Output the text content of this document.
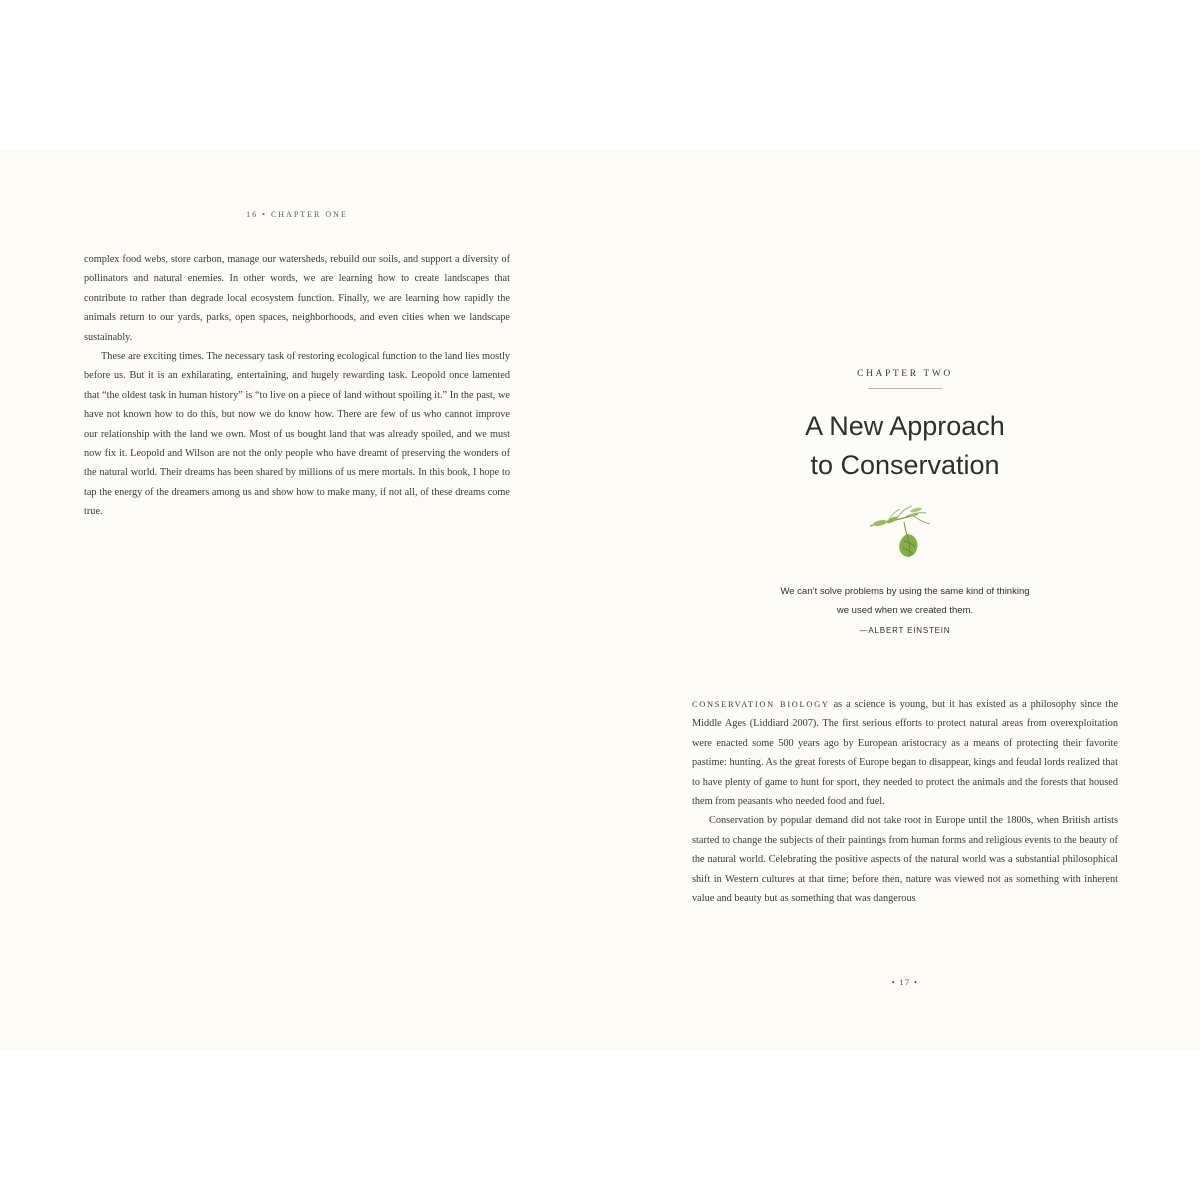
16 • CHAPTER ONE

complex food webs, store carbon, manage our watersheds, rebuild our soils, and support a diversity of pollinators and natural enemies. In other words, we are learning how to create landscapes that contribute to rather than degrade local ecosystem function. Finally, we are learning how rapidly the animals return to our yards, parks, open spaces, neighborhoods, and even cities when we landscape sustainably.

These are exciting times. The necessary task of restoring ecological function to the land lies mostly before us. But it is an exhilarating, entertaining, and hugely rewarding task. Leopold once lamented that “the oldest task in human history” is “to live on a piece of land without spoiling it.” In the past, we have not known how to do this, but now we do know how. There are few of us who cannot improve our relationship with the land we own. Most of us bought land that was already spoiled, and we must now fix it. Leopold and Wilson are not the only people who have dreamt of preserving the wonders of the natural world. Their dreams has been shared by millions of us mere mortals. In this book, I hope to tap the energy of the dreamers among us and show how to make many, if not all, of these dreams come true.

CHAPTER TWO
A New Approach
to Conservation
We can’t solve problems by using the same kind of thinking
we used when we created them.
—ALBERT EINSTEIN

CONSERVATION BIOLOGY as a science is young, but it has existed as a philosophy since the Middle Ages (Liddiard 2007). The first serious efforts to protect natural areas from overexploitation were enacted some 500 years ago by European aristocracy as a means of protecting their favorite pastime: hunting. As the great forests of Europe began to disappear, kings and feudal lords realized that to have plenty of game to hunt for sport, they needed to protect the animals and the forests that housed them from peasants who needed food and fuel.

Conservation by popular demand did not take root in Europe until the 1800s, when British artists started to change the subjects of their paintings from human forms and religious events to the beauty of the natural world. Celebrating the positive aspects of the natural world was a substantial philosophical shift in Western cultures at that time; before then, nature was viewed not as something with inherent value and beauty but as something that was dangerous

• 17 •
